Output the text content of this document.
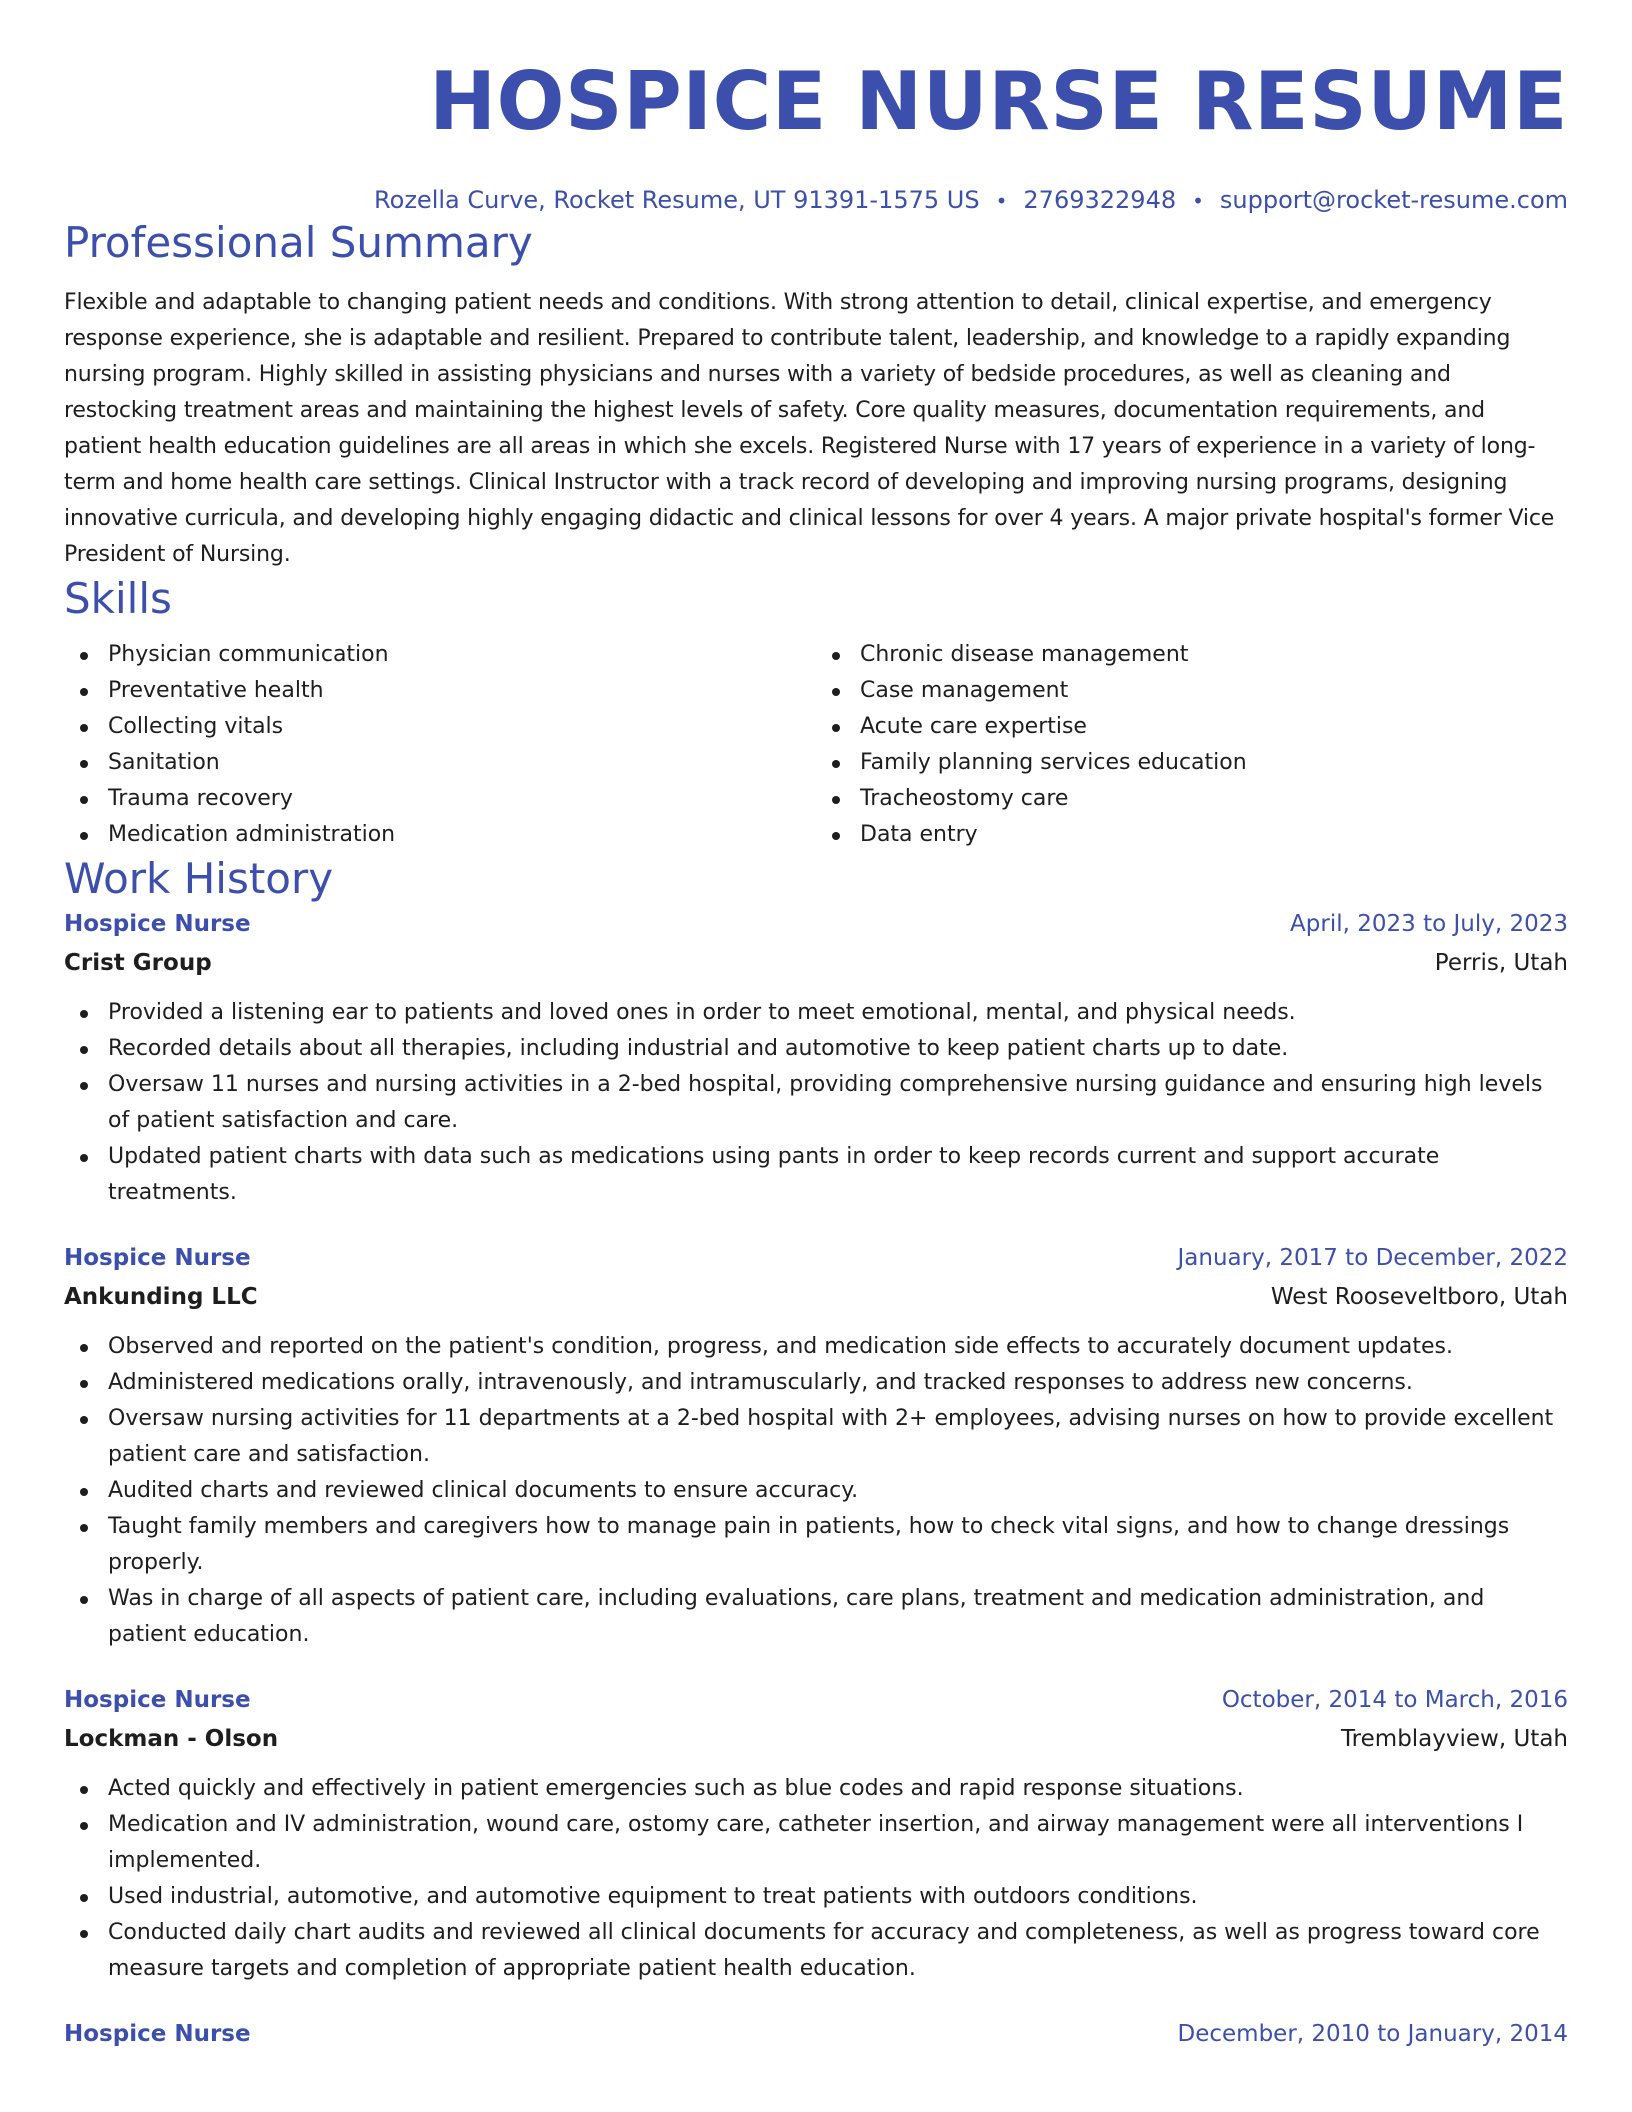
HOSPICE NURSE RESUME
Rozella Curve, Rocket Resume, UT 91391-1575 US • 2769322948 • support@rocket-resume.com
Professional Summary
Flexible and adaptable to changing patient needs and conditions. With strong attention to detail, clinical expertise, and emergency response experience, she is adaptable and resilient. Prepared to contribute talent, leadership, and knowledge to a rapidly expanding nursing program. Highly skilled in assisting physicians and nurses with a variety of bedside procedures, as well as cleaning and restocking treatment areas and maintaining the highest levels of safety. Core quality measures, documentation requirements, and patient health education guidelines are all areas in which she excels. Registered Nurse with 17 years of experience in a variety of long-term and home health care settings. Clinical Instructor with a track record of developing and improving nursing programs, designing innovative curricula, and developing highly engaging didactic and clinical lessons for over 4 years. A major private hospital's former Vice President of Nursing.
Skills
Physician communication
Preventative health
Collecting vitals
Sanitation
Trauma recovery
Medication administration
Chronic disease management
Case management
Acute care expertise
Family planning services education
Tracheostomy care
Data entry
Work History
Hospice Nurse	April, 2023 to July, 2023
Crist Group	Perris, Utah
Provided a listening ear to patients and loved ones in order to meet emotional, mental, and physical needs.
Recorded details about all therapies, including industrial and automotive to keep patient charts up to date.
Oversaw 11 nurses and nursing activities in a 2-bed hospital, providing comprehensive nursing guidance and ensuring high levels of patient satisfaction and care.
Updated patient charts with data such as medications using pants in order to keep records current and support accurate treatments.
Hospice Nurse	January, 2017 to December, 2022
Ankunding LLC	West Rooseveltboro, Utah
Observed and reported on the patient's condition, progress, and medication side effects to accurately document updates.
Administered medications orally, intravenously, and intramuscularly, and tracked responses to address new concerns.
Oversaw nursing activities for 11 departments at a 2-bed hospital with 2+ employees, advising nurses on how to provide excellent patient care and satisfaction.
Audited charts and reviewed clinical documents to ensure accuracy.
Taught family members and caregivers how to manage pain in patients, how to check vital signs, and how to change dressings properly.
Was in charge of all aspects of patient care, including evaluations, care plans, treatment and medication administration, and patient education.
Hospice Nurse	October, 2014 to March, 2016
Lockman - Olson	Tremblayview, Utah
Acted quickly and effectively in patient emergencies such as blue codes and rapid response situations.
Medication and IV administration, wound care, ostomy care, catheter insertion, and airway management were all interventions I implemented.
Used industrial, automotive, and automotive equipment to treat patients with outdoors conditions.
Conducted daily chart audits and reviewed all clinical documents for accuracy and completeness, as well as progress toward core measure targets and completion of appropriate patient health education.
Hospice Nurse	December, 2010 to January, 2014
